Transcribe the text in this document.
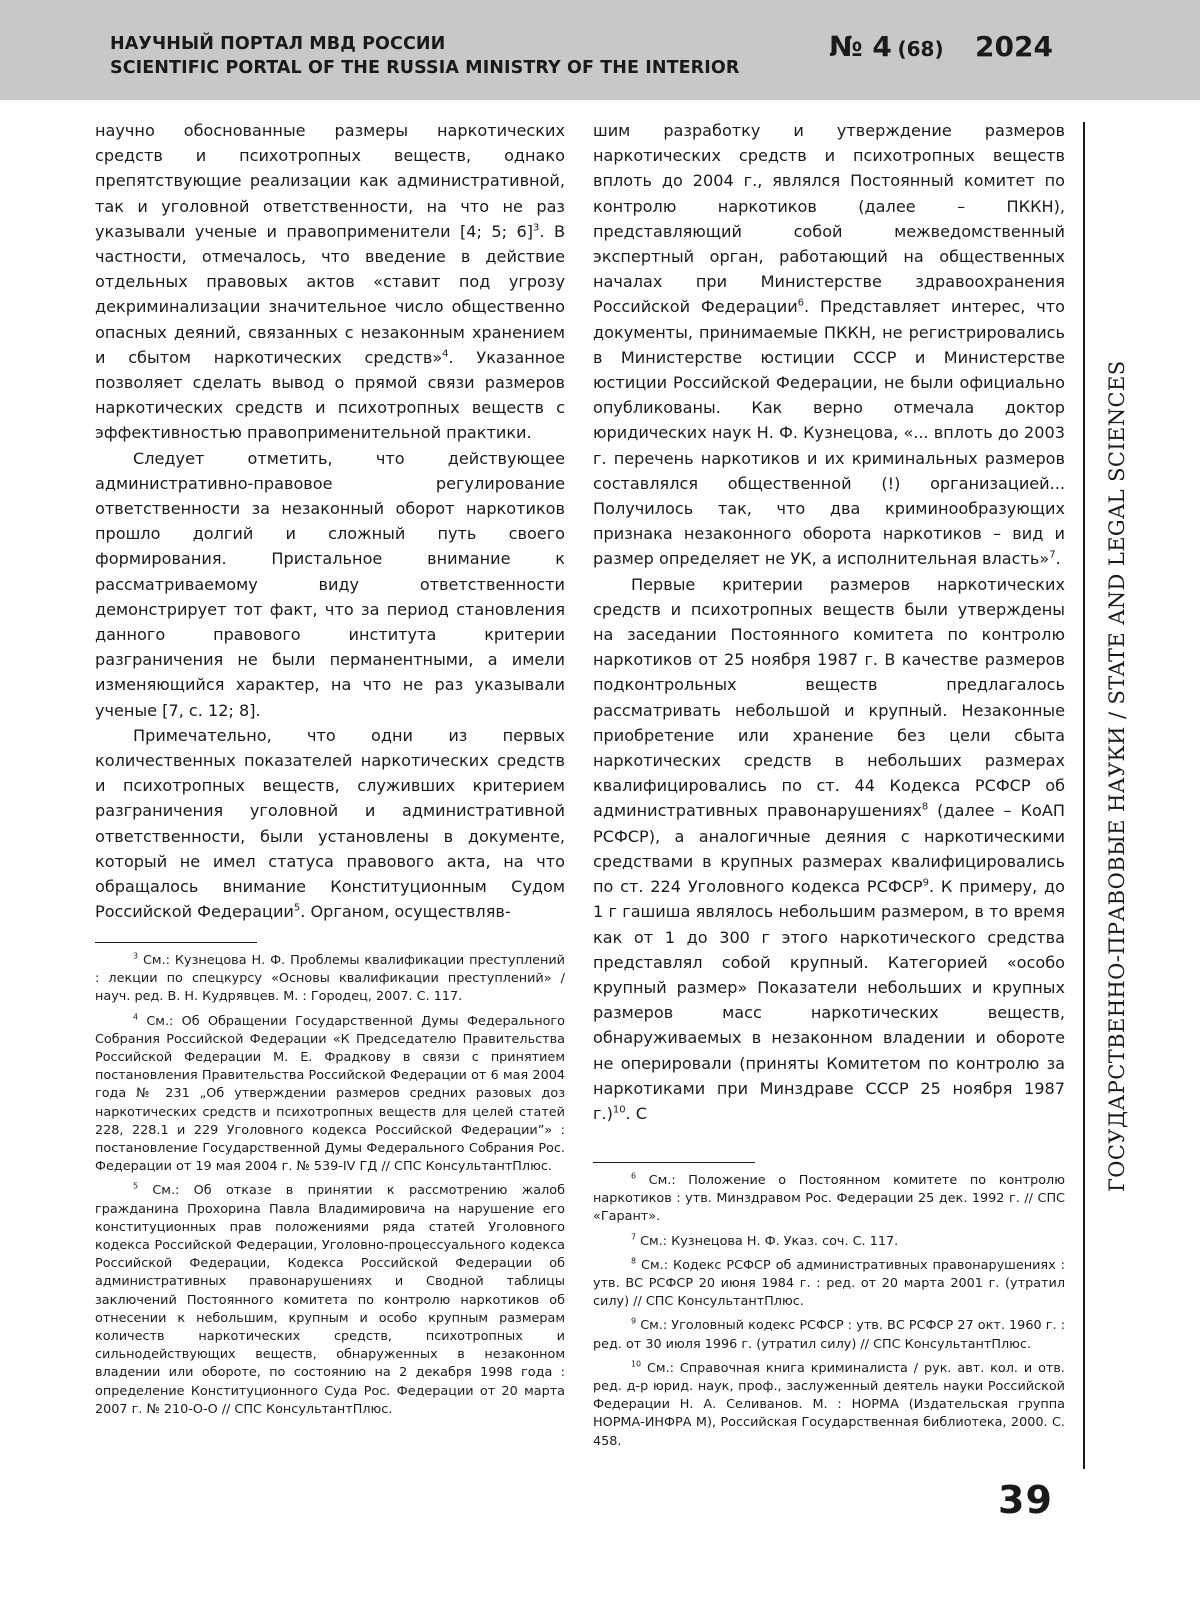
НАУЧНЫЙ ПОРТАЛ МВД РОССИИ
SCIENTIFIC PORTAL OF THE RUSSIA MINISTRY OF THE INTERIOR
№ 4 (68) 2024

научно обоснованные размеры наркотических средств и психотропных веществ, однако препятствующие реализации как административной, так и уголовной ответственности, на что не раз указывали ученые и правоприменители [4; 5; 6]$^3$. В частности, отмечалось, что введение в действие отдельных правовых актов «ставит под угрозу декриминализации значительное число общественно опасных деяний, связанных с незаконным хранением и сбытом наркотических средств»$^4$. Указанное позволяет сделать вывод о прямой связи размеров наркотических средств и психотропных веществ с эффективностью правоприменительной практики.

Следует отметить, что действующее административно-правовое регулирование ответственности за незаконный оборот наркотиков прошло долгий и сложный путь своего формирования. Пристальное внимание к рассматриваемому виду ответственности демонстрирует тот факт, что за период становления данного правового института критерии разграничения не были перманентными, а имели изменяющийся характер, на что не раз указывали ученые [7, с. 12; 8].

Примечательно, что одни из первых количественных показателей наркотических средств и психотропных веществ, служивших критерием разграничения уголовной и административной ответственности, были установлены в документе, который не имел статуса правового акта, на что обращалось внимание Конституционным Судом Российской Федерации$^5$. Органом, осуществляв-

шим разработку и утверждение размеров наркотических средств и психотропных веществ вплоть до 2004 г., являлся Постоянный комитет по контролю наркотиков (далее – ПККН), представляющий собой межведомственный экспертный орган, работающий на общественных началах при Министерстве здравоохранения Российской Федерации$^6$. Представляет интерес, что документы, принимаемые ПККН, не регистрировались в Министерстве юстиции СССР и Министерстве юстиции Российской Федерации, не были официально опубликованы. Как верно отмечала доктор юридических наук Н. Ф. Кузнецова, «... вплоть до 2003 г. перечень наркотиков и их криминальных размеров составлялся общественной (!) организацией... Получилось так, что два криминообразующих признака незаконного оборота наркотиков – вид и размер определяет не УК, а исполнительная власть»$^7$.

Первые критерии размеров наркотических средств и психотропных веществ были утверждены на заседании Постоянного комитета по контролю наркотиков от 25 ноября 1987 г. В качестве размеров подконтрольных веществ предлагалось рассматривать небольшой и крупный. Незаконные приобретение или хранение без цели сбыта наркотических средств в небольших размерах квалифицировались по ст. 44 Кодекса РСФСР об административных правонарушениях$^8$ (далее – КоАП РСФСР), а аналогичные деяния с наркотическими средствами в крупных размерах квалифицировались по ст. 224 Уголовного кодекса РСФСР$^9$. К примеру, до 1 г гашиша являлось небольшим размером, в то время как от 1 до 300 г этого наркотического средства представлял собой крупный. Категорией «особо крупный размер» Показатели небольших и крупных размеров масс наркотических веществ, обнаруживаемых в незаконном владении и обороте не оперировали (приняты Комитетом по контролю за наркотиками при Минздраве СССР 25 ноября 1987 г.)$^{10}$. С

$^3$ См.: Кузнецова Н. Ф. Проблемы квалификации преступлений : лекции по спецкурсу «Основы квалификации преступлений» / науч. ред. В. Н. Кудрявцев. М. : Городец, 2007. С. 117.
$^4$ См.: Об Обращении Государственной Думы Федерального Собрания Российской Федерации «К Председателю Правительства Российской Федерации М. Е. Фрадкову в связи с принятием постановления Правительства Российской Федерации от 6 мая 2004 года № 231 „Об утверждении размеров средних разовых доз наркотических средств и психотропных веществ для целей статей 228, 228.1 и 229 Уголовного кодекса Российской Федерации”» : постановление Государственной Думы Федерального Собрания Рос. Федерации от 19 мая 2004 г. № 539-IV ГД // СПС КонсультантПлюс.
$^5$ См.: Об отказе в принятии к рассмотрению жалоб гражданина Прохорина Павла Владимировича на нарушение его конституционных прав положениями ряда статей Уголовного кодекса Российской Федерации, Уголовно-процессуального кодекса Российской Федерации, Кодекса Российской Федерации об административных правонарушениях и Сводной таблицы заключений Постоянного комитета по контролю наркотиков об отнесении к небольшим, крупным и особо крупным размерам количеств наркотических средств, психотропных и сильнодействующих веществ, обнаруженных в незаконном владении или обороте, по состоянию на 2 декабря 1998 года : определение Конституционного Суда Рос. Федерации от 20 марта 2007 г. № 210-О-О // СПС КонсультантПлюс.
$^6$ См.: Положение о Постоянном комитете по контролю наркотиков : утв. Минздравом Рос. Федерации 25 дек. 1992 г. // СПС «Гарант».
$^7$ См.: Кузнецова Н. Ф. Указ. соч. С. 117.
$^8$ См.: Кодекс РСФСР об административных правонарушениях : утв. ВС РСФСР 20 июня 1984 г. : ред. от 20 марта 2001 г. (утратил силу) // СПС КонсультантПлюс.
$^9$ См.: Уголовный кодекс РСФСР : утв. ВС РСФСР 27 окт. 1960 г. : ред. от 30 июля 1996 г. (утратил силу) // СПС КонсультантПлюс.
$^{10}$ См.: Справочная книга криминалиста / рук. авт. кол. и отв. ред. д-р юрид. наук, проф., заслуженный деятель науки Российской Федерации Н. А. Селиванов. М. : НОРМА (Издательская группа НОРМА-ИНФРА М), Российская Государственная библиотека, 2000. С. 458.
ГОСУДАРСТВЕННО-ПРАВОВЫЕ НАУКИ / STATE AND LEGAL SCIENCES
39
